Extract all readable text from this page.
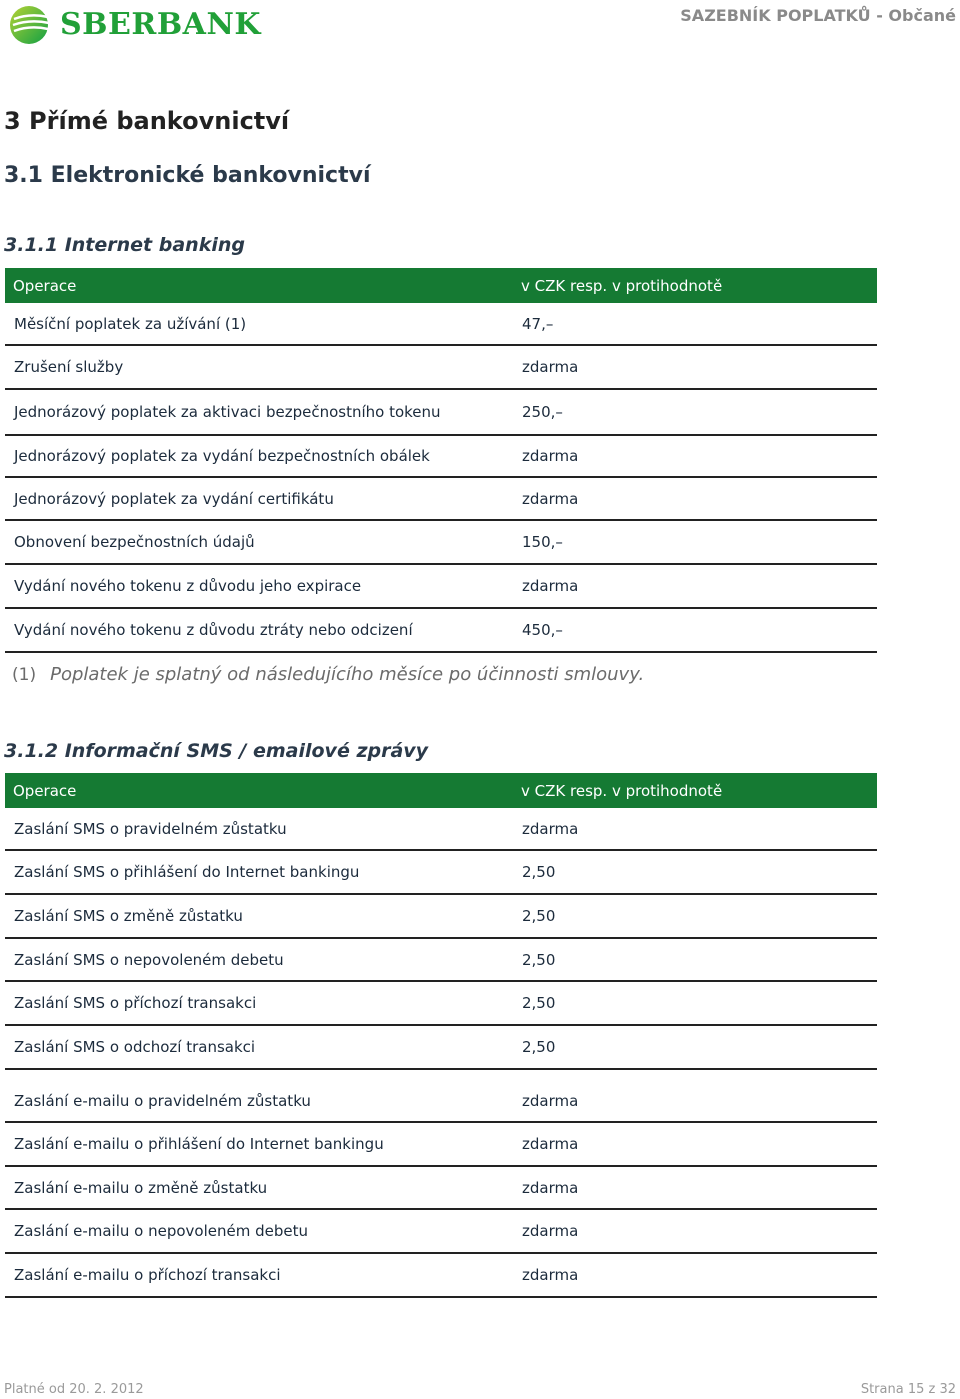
SBERBANK	SAZEBNÍK POPLATKŮ - Občané
3 Přímé bankovnictví
3.1 Elektronické bankovnictví
3.1.1 Internet banking
Operace	v CZK resp. v protihodnotě
Měsíční poplatek za užívání (1)	47,–
Zrušení služby	zdarma
Jednorázový poplatek za aktivaci bezpečnostního tokenu	250,–
Jednorázový poplatek za vydání bezpečnostních obálek	zdarma
Jednorázový poplatek za vydání certifikátu	zdarma
Obnovení bezpečnostních údajů	150,–
Vydání nového tokenu z důvodu jeho expirace	zdarma
Vydání nového tokenu z důvodu ztráty nebo odcizení	450,–
(1) Poplatek je splatný od následujícího měsíce po účinnosti smlouvy.
3.1.2 Informační SMS / emailové zprávy
Operace	v CZK resp. v protihodnotě
Zaslání SMS o pravidelném zůstatku	zdarma
Zaslání SMS o přihlášení do Internet bankingu	2,50
Zaslání SMS o změně zůstatku	2,50
Zaslání SMS o nepovoleném debetu	2,50
Zaslání SMS o příchozí transakci	2,50
Zaslání SMS o odchozí transakci	2,50
Zaslání e-mailu o pravidelném zůstatku	zdarma
Zaslání e-mailu o přihlášení do Internet bankingu	zdarma
Zaslání e-mailu o změně zůstatku	zdarma
Zaslání e-mailu o nepovoleném debetu	zdarma
Zaslání e-mailu o příchozí transakci	zdarma
Platné od 20. 2. 2012	Strana 15 z 32
